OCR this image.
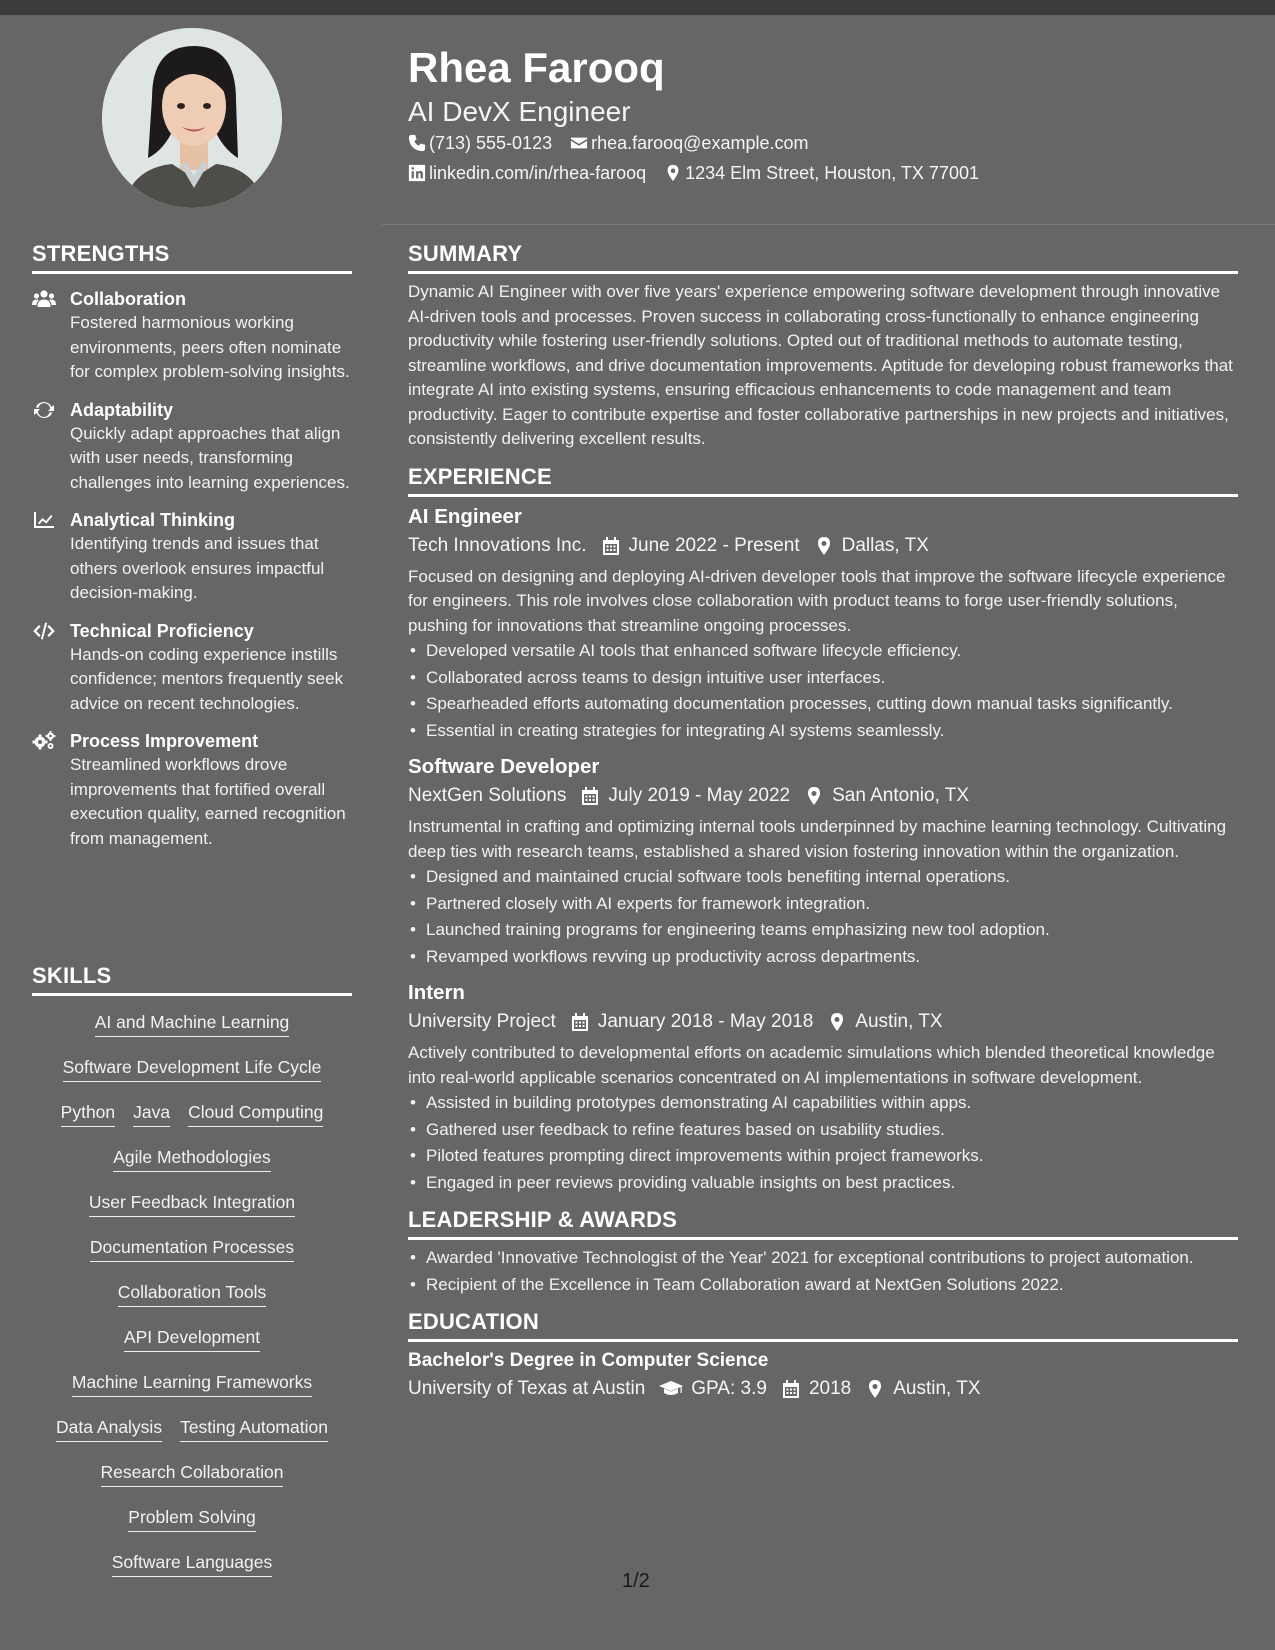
STRENGTHS
Collaboration
Fostered harmonious working environments, peers often nominate for complex problem-solving insights.
Adaptability
Quickly adapt approaches that align with user needs, transforming challenges into learning experiences.
Analytical Thinking
Identifying trends and issues that others overlook ensures impactful decision-making.
Technical Proficiency
Hands-on coding experience instills confidence; mentors frequently seek advice on recent technologies.
Process Improvement
Streamlined workflows drove improvements that fortified overall execution quality, earned recognition from management.
SKILLS
AI and Machine Learning
Software Development Life Cycle
Python Java Cloud Computing
Agile Methodologies
User Feedback Integration
Documentation Processes
Collaboration Tools
API Development
Machine Learning Frameworks
Data Analysis Testing Automation
Research Collaboration
Problem Solving
Software Languages
Rhea Farooq
AI DevX Engineer
(713) 555-0123 rhea.farooq@example.com
linkedin.com/in/rhea-farooq 1234 Elm Street, Houston, TX 77001
SUMMARY
Dynamic AI Engineer with over five years' experience empowering software development through innovative AI-driven tools and processes. Proven success in collaborating cross-functionally to enhance engineering productivity while fostering user-friendly solutions. Opted out of traditional methods to automate testing, streamline workflows, and drive documentation improvements. Aptitude for developing robust frameworks that integrate AI into existing systems, ensuring efficacious enhancements to code management and team productivity. Eager to contribute expertise and foster collaborative partnerships in new projects and initiatives, consistently delivering excellent results.
EXPERIENCE
AI Engineer
Tech Innovations Inc. June 2022 - Present Dallas, TX
Focused on designing and deploying AI-driven developer tools that improve the software lifecycle experience for engineers. This role involves close collaboration with product teams to forge user-friendly solutions, pushing for innovations that streamline ongoing processes.
• Developed versatile AI tools that enhanced software lifecycle efficiency.
• Collaborated across teams to design intuitive user interfaces.
• Spearheaded efforts automating documentation processes, cutting down manual tasks significantly.
• Essential in creating strategies for integrating AI systems seamlessly.
Software Developer
NextGen Solutions July 2019 - May 2022 San Antonio, TX
Instrumental in crafting and optimizing internal tools underpinned by machine learning technology. Cultivating deep ties with research teams, established a shared vision fostering innovation within the organization.
• Designed and maintained crucial software tools benefiting internal operations.
• Partnered closely with AI experts for framework integration.
• Launched training programs for engineering teams emphasizing new tool adoption.
• Revamped workflows revving up productivity across departments.
Intern
University Project January 2018 - May 2018 Austin, TX
Actively contributed to developmental efforts on academic simulations which blended theoretical knowledge into real-world applicable scenarios concentrated on AI implementations in software development.
• Assisted in building prototypes demonstrating AI capabilities within apps.
• Gathered user feedback to refine features based on usability studies.
• Piloted features prompting direct improvements within project frameworks.
• Engaged in peer reviews providing valuable insights on best practices.
LEADERSHIP & AWARDS
• Awarded 'Innovative Technologist of the Year' 2021 for exceptional contributions to project automation.
• Recipient of the Excellence in Team Collaboration award at NextGen Solutions 2022.
EDUCATION
Bachelor's Degree in Computer Science
University of Texas at Austin GPA: 3.9 2018 Austin, TX
1/2
